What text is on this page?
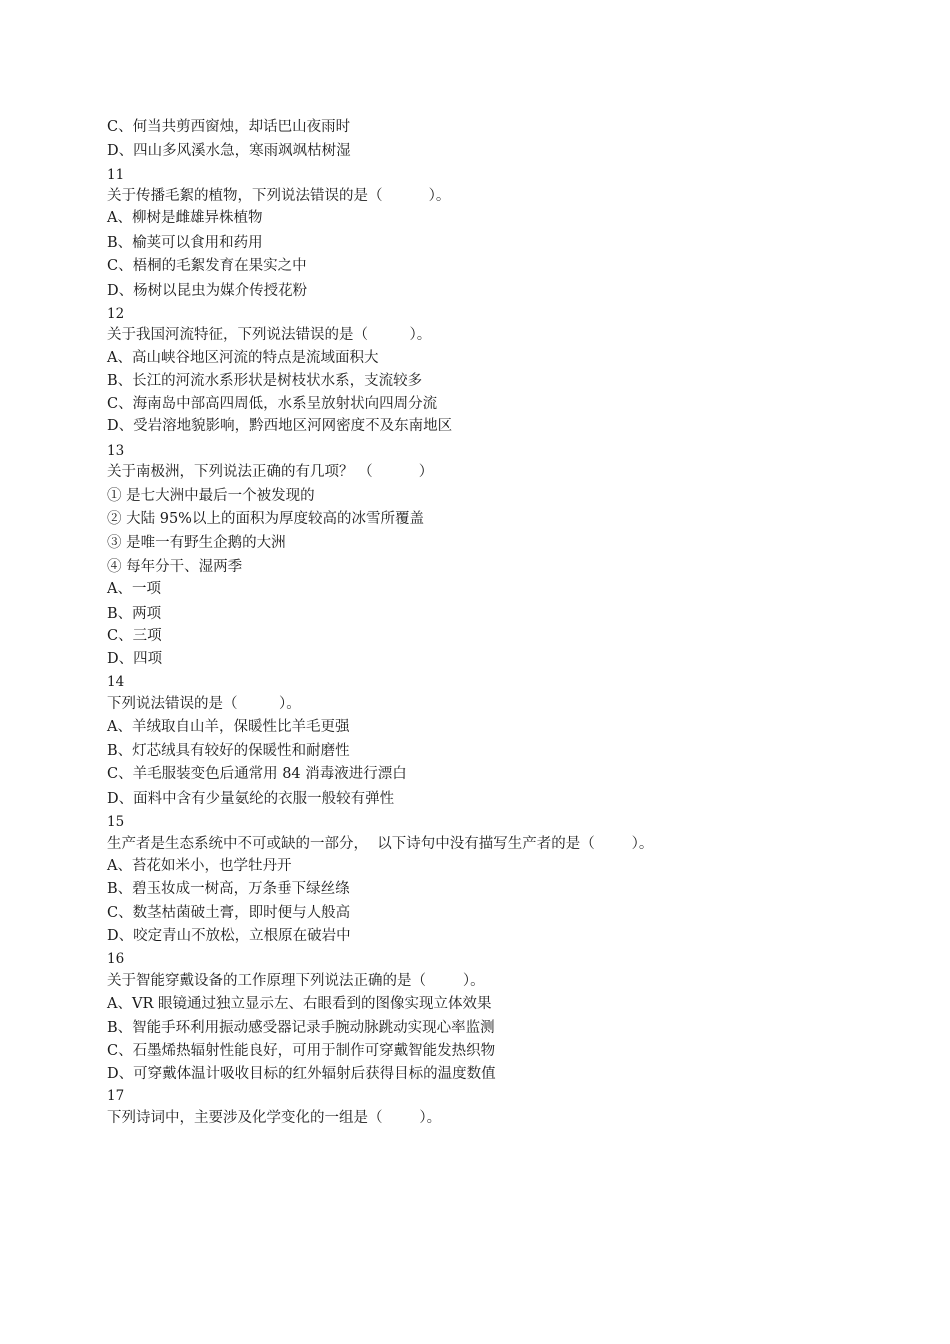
C、何当共剪西窗烛，却话巴山夜雨时
D、四山多风溪水急，寒雨飒飒枯树湿
11
关于传播毛絮的植物，下列说法错误的是（          ）。
A、柳树是雌雄异株植物
B、榆荚可以食用和药用
C、梧桐的毛絮发育在果实之中
D、杨树以昆虫为媒介传授花粉
12
关于我国河流特征，下列说法错误的是（         ）。
A、高山峡谷地区河流的特点是流域面积大
B、长江的河流水系形状是树枝状水系，支流较多
C、海南岛中部高四周低，水系呈放射状向四周分流
D、受岩溶地貌影响，黔西地区河网密度不及东南地区
13
关于南极洲，下列说法正确的有几项？ （          ）
① 是七大洲中最后一个被发现的
② 大陆 95%以上的面积为厚度较高的冰雪所覆盖
③ 是唯一有野生企鹅的大洲
④ 每年分干、湿两季
A、一项
B、两项
C、三项
D、四项
14
下列说法错误的是（         ）。
A、羊绒取自山羊，保暖性比羊毛更强
B、灯芯绒具有较好的保暖性和耐磨性
C、羊毛服装变色后通常用 84 消毒液进行漂白
D、面料中含有少量氨纶的衣服一般较有弹性
15
生产者是生态系统中不可或缺的一部分，  以下诗句中没有描写生产者的是（        ）。
A、苔花如米小，也学牡丹开
B、碧玉妆成一树高，万条垂下绿丝绦
C、数茎枯菌破土膏，即时便与人般高
D、咬定青山不放松，立根原在破岩中
16
关于智能穿戴设备的工作原理下列说法正确的是（        ）。
A、VR 眼镜通过独立显示左、右眼看到的图像实现立体效果
B、智能手环利用振动感受器记录手腕动脉跳动实现心率监测
C、石墨烯热辐射性能良好，可用于制作可穿戴智能发热织物
D、可穿戴体温计吸收目标的红外辐射后获得目标的温度数值
17
下列诗词中，主要涉及化学变化的一组是（        ）。
